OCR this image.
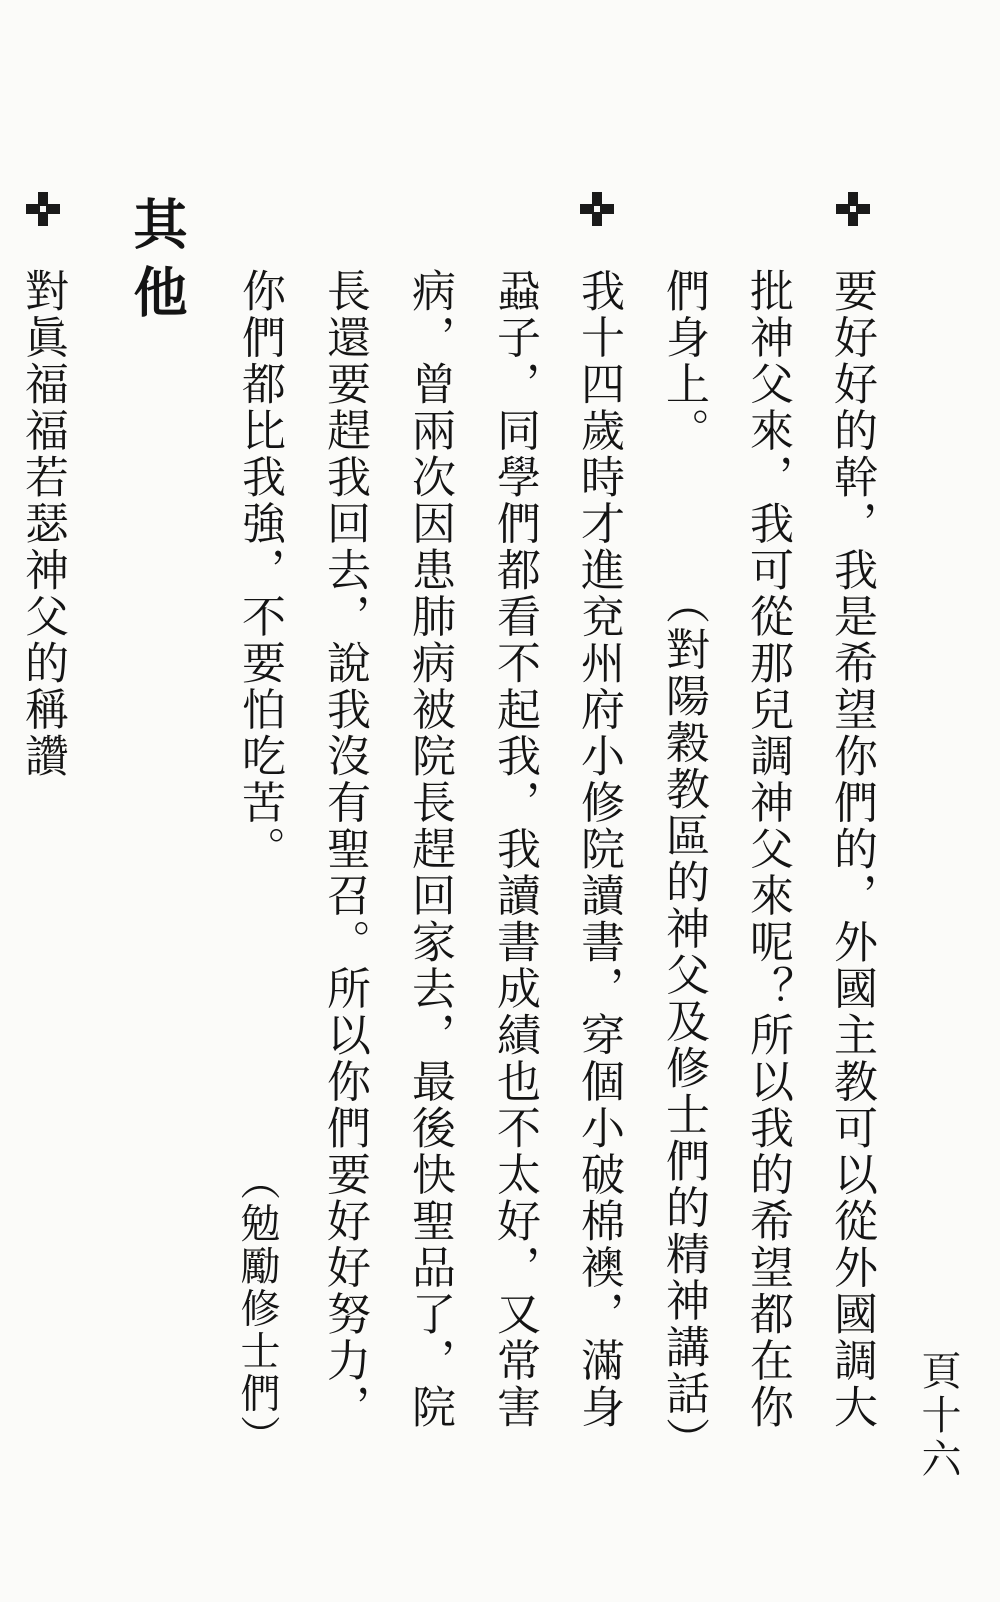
頁十六
要好好的幹，我是希望你們的，外國主教可以從外國調大
批神父來，我可從那兒調神父來呢？所以我的希望都在你
們身上。
（對陽穀教區的神父及修士們的精神講話）
我十四歲時才進兗州府小修院讀書，穿個小破棉襖，滿身
蝨子，同學們都看不起我，我讀書成績也不太好，又常害
病，曾兩次因患肺病被院長趕回家去，最後快聖品了，院
長還要趕我回去，說我沒有聖召。所以你們要好好努力，
你們都比我強，不要怕吃苦。
（勉勵修士們）
其他
對眞福福若瑟神父的稱讚
